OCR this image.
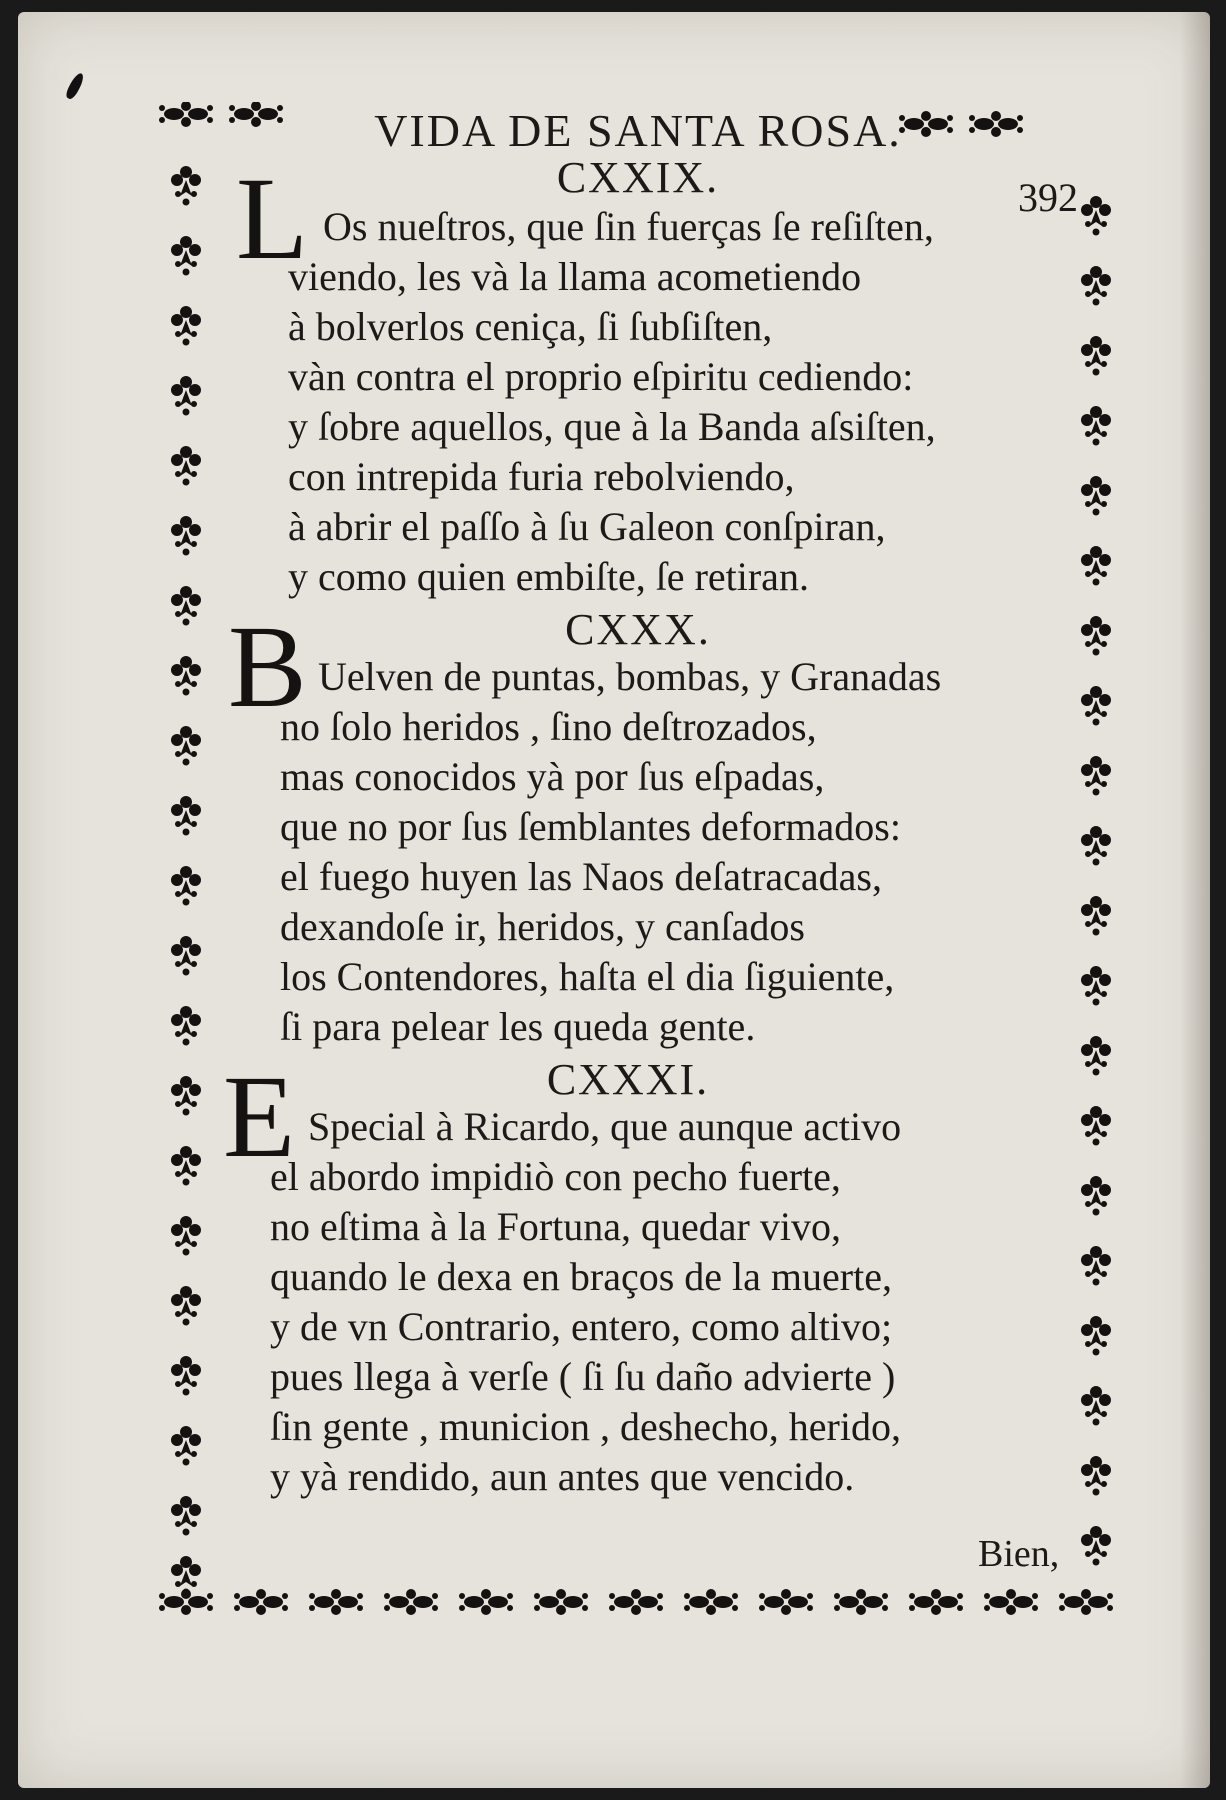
VIDA DE SANTA ROSA.
392
CXXIX.
L Os nueſtros, que ſin fuerças ſe reſiſten,
viendo, les và la llama acometiendo
à bolverlos ceniça, ſi ſubſiſten,
vàn contra el proprio eſpiritu cediendo:
y ſobre aquellos, que à la Banda aſsiſten,
con intrepida furia rebolviendo,
à abrir el paſſo à ſu Galeon conſpiran,
y como quien embiſte, ſe retiran.
CXXX.
B Uelven de puntas, bombas, y Granadas
no ſolo heridos , ſino deſtrozados,
mas conocidos yà por ſus eſpadas,
que no por ſus ſemblantes deformados:
el fuego huyen las Naos deſatracadas,
dexandoſe ir, heridos, y canſados
los Contendores, haſta el dia ſiguiente,
ſi para pelear les queda gente.
CXXXI.
E Special à Ricardo, que aunque activo
el abordo impidiò con pecho fuerte,
no eſtima à la Fortuna, quedar vivo,
quando le dexa en braços de la muerte,
y de vn Contrario, entero, como altivo;
pues llega à verſe ( ſi ſu daño advierte )
ſin gente , municion , deshecho, herido,
y yà rendido, aun antes que vencido.
Bien,
